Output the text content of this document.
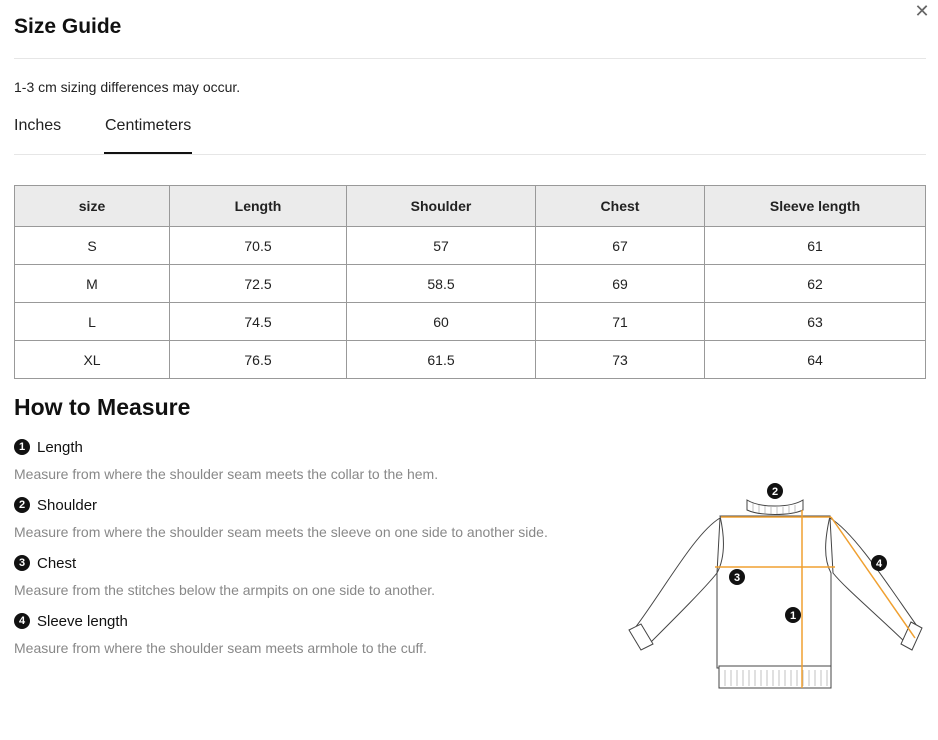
✕
Size Guide
1-3 cm sizing differences may occur.
Inches	Centimeters
size	Length	Shoulder	Chest	Sleeve length
S	70.5	57	67	61
M	72.5	58.5	69	62
L	74.5	60	71	63
XL	76.5	61.5	73	64
How to Measure
1 Length
Measure from where the shoulder seam meets the collar to the hem.
2 Shoulder
Measure from where the shoulder seam meets the sleeve on one side to another side.
3 Chest
Measure from the stitches below the armpits on one side to another.
4 Sleeve length
Measure from where the shoulder seam meets armhole to the cuff.
2
3
1
4
